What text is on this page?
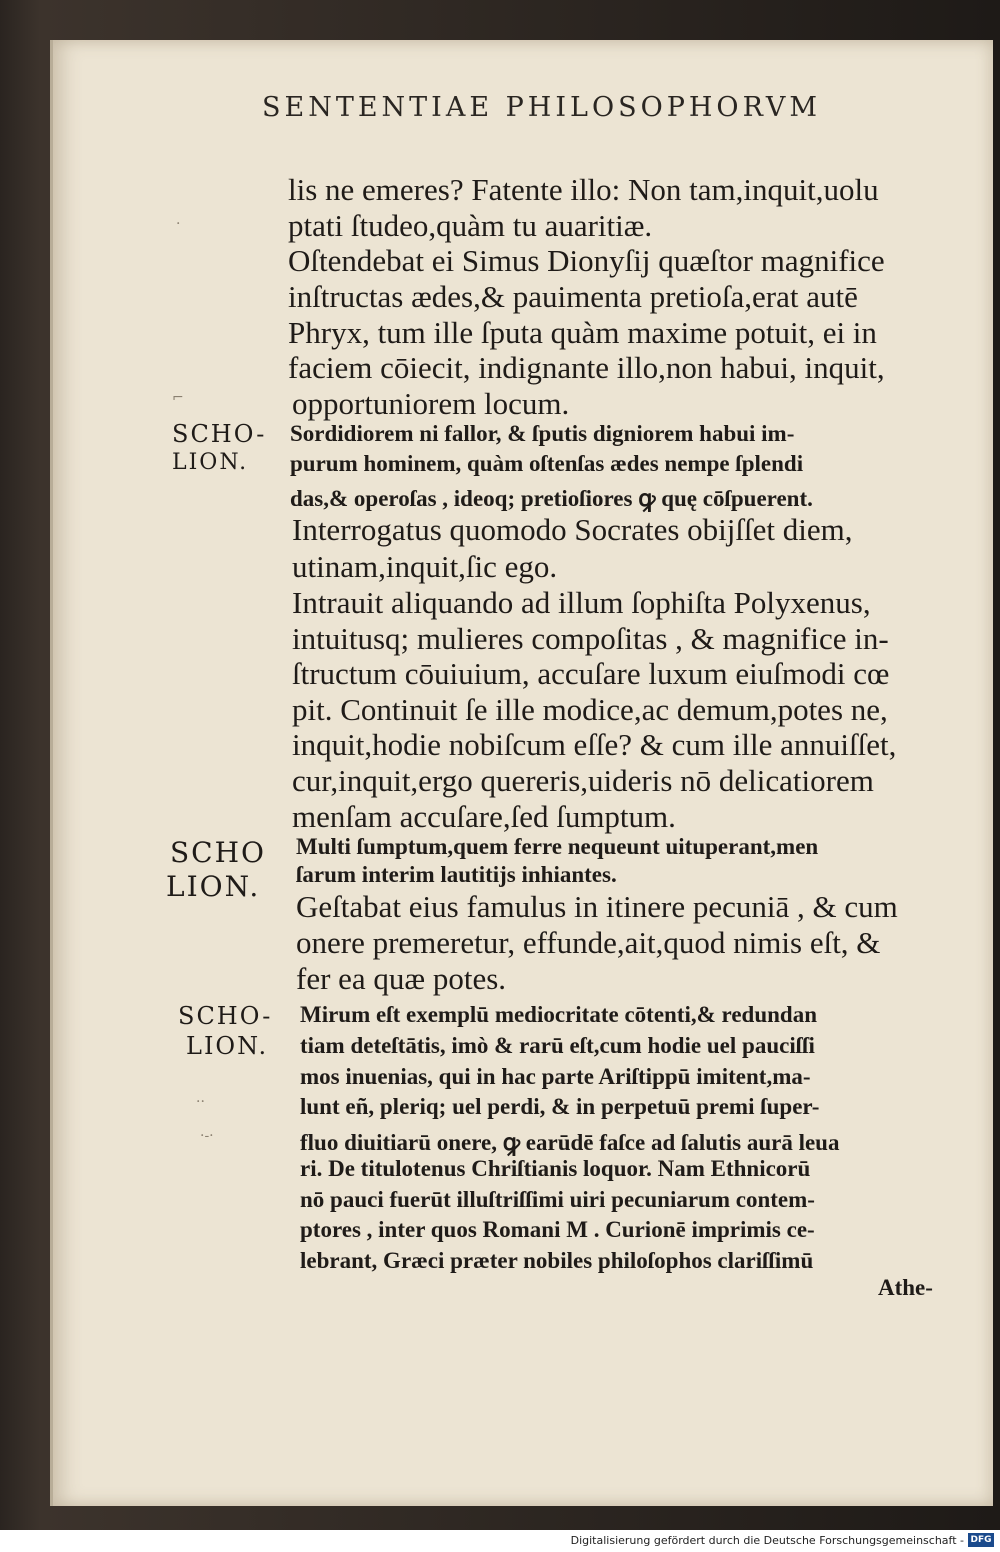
SENTENTIAE PHILOSOPHORVM
lis ne emeres? Fatente illo: Non tam,inquit,uolu
ptati ſtudeo,quàm tu auaritiæ.
Oſtendebat ei Simus Dionyſij quæſtor magnifice
inſtructas ædes,& pauimenta pretioſa,erat autē
Phryx, tum ille ſputa quàm maxime potuit, ei in
faciem cōiecit, indignante illo,non habui, inquit,
opportuniorem locum.
Sordidiorem ni fallor, & ſputis digniorem habui im-
purum hominem, quàm oſtenſas ædes nempe ſplendi
das,& operoſas , ideoq; pretioſiores ꝙ quę cōſpuerent.
Interrogatus quomodo Socrates obijſſet diem,
utinam,inquit,ſic ego.
Intrauit aliquando ad illum ſophiſta Polyxenus,
intuitusq; mulieres compoſitas , & magnifice in-
ſtructum cōuiuium, accuſare luxum eiuſmodi cœ
pit. Continuit ſe ille modice,ac demum,potes ne,
inquit,hodie nobiſcum eſſe? & cum ille annuiſſet,
cur,inquit,ergo quereris,uideris nō delicatiorem
menſam accuſare,ſed ſumptum.
Multi ſumptum,quem ferre nequeunt uituperant,men
ſarum interim lautitijs inhiantes.
Geſtabat eius famulus in itinere pecuniā , & cum
onere premeretur, effunde,ait,quod nimis eſt, &
fer ea quæ potes.
Mirum eſt exemplū mediocritate cōtenti,& redundan
tiam deteſtātis, imò & rarū eſt,cum hodie uel pauciſſi
mos inuenias, qui in hac parte Ariſtippū imitent,ma-
lunt eñ, pleriq; uel perdi, & in perpetuū premi ſuper-
fluo diuitiarū onere, ꝙ earūdē faſce ad ſalutis aurā leua
ri. De titulotenus Chriſtianis loquor. Nam Ethnicorū
nō pauci fuerūt illuſtriſſimi uiri pecuniarum contem-
ptores , inter quos Romani M . Curionē imprimis ce-
lebrant, Græci præter nobiles philoſophos clariſſimū
Athe-
SCHO-
LION.
SCHO
LION.
SCHO-
LION.
·
⌐
··
·-·
Digitalisierung gefördert durch die Deutsche Forschungsgemeinschaft - DFG
